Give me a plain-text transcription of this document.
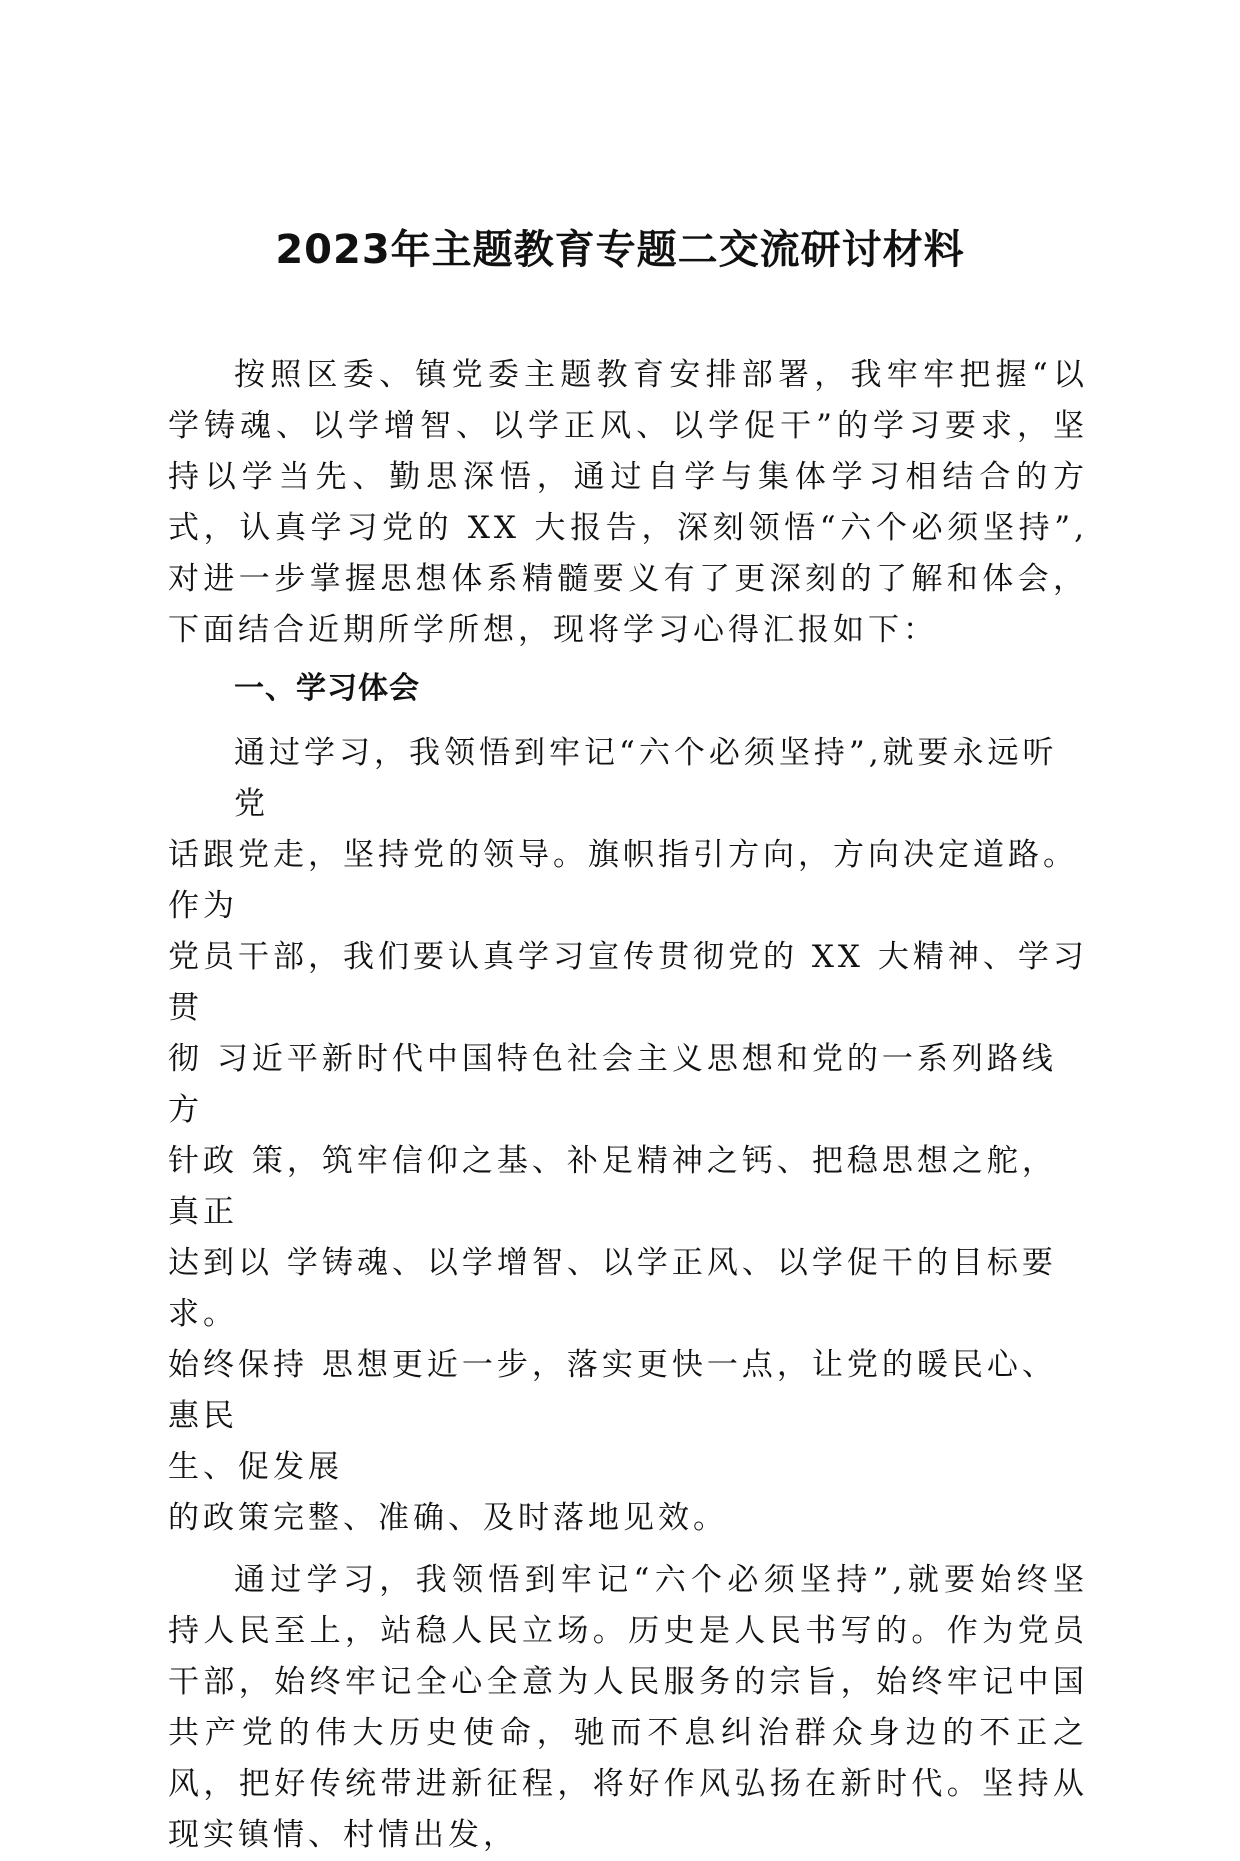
2023年主题教育专题二交流研讨材料

按照区委、镇党委主题教育安排部署，我牢牢把握“以学铸魂、以学增智、以学正风、以学促干”的学习要求，坚持以学当先、勤思深悟，通过自学与集体学习相结合的方式，认真学习党的 XX 大报告，深刻领悟“六个必须坚持”,对进一步掌握思想体系精髓要义有了更深刻的了解和体会，下面结合近期所学所想，现将学习心得汇报如下：

一、学习体会
通过学习，我领悟到牢记“六个必须坚持”,就要永远听党
话跟党走，坚持党的领导。旗帜指引方向，方向决定道路。作为
党员干部，我们要认真学习宣传贯彻党的 XX 大精神、学习贯
彻 习近平新时代中国特色社会主义思想和党的一系列路线方
针政 策，筑牢信仰之基、补足精神之钙、把稳思想之舵，真正
达到以 学铸魂、以学增智、以学正风、以学促干的目标要求。
始终保持 思想更近一步，落实更快一点，让党的暖民心、惠民
生、促发展
的政策完整、准确、及时落地见效。

通过学习，我领悟到牢记“六个必须坚持”,就要始终坚持人民至上，站稳人民立场。历史是人民书写的。作为党员干部，始终牢记全心全意为人民服务的宗旨，始终牢记中国共产党的伟大历史使命，驰而不息纠治群众身边的不正之风，把好传统带进新征程，将好作风弘扬在新时代。坚持从现实镇情、村情出发，
